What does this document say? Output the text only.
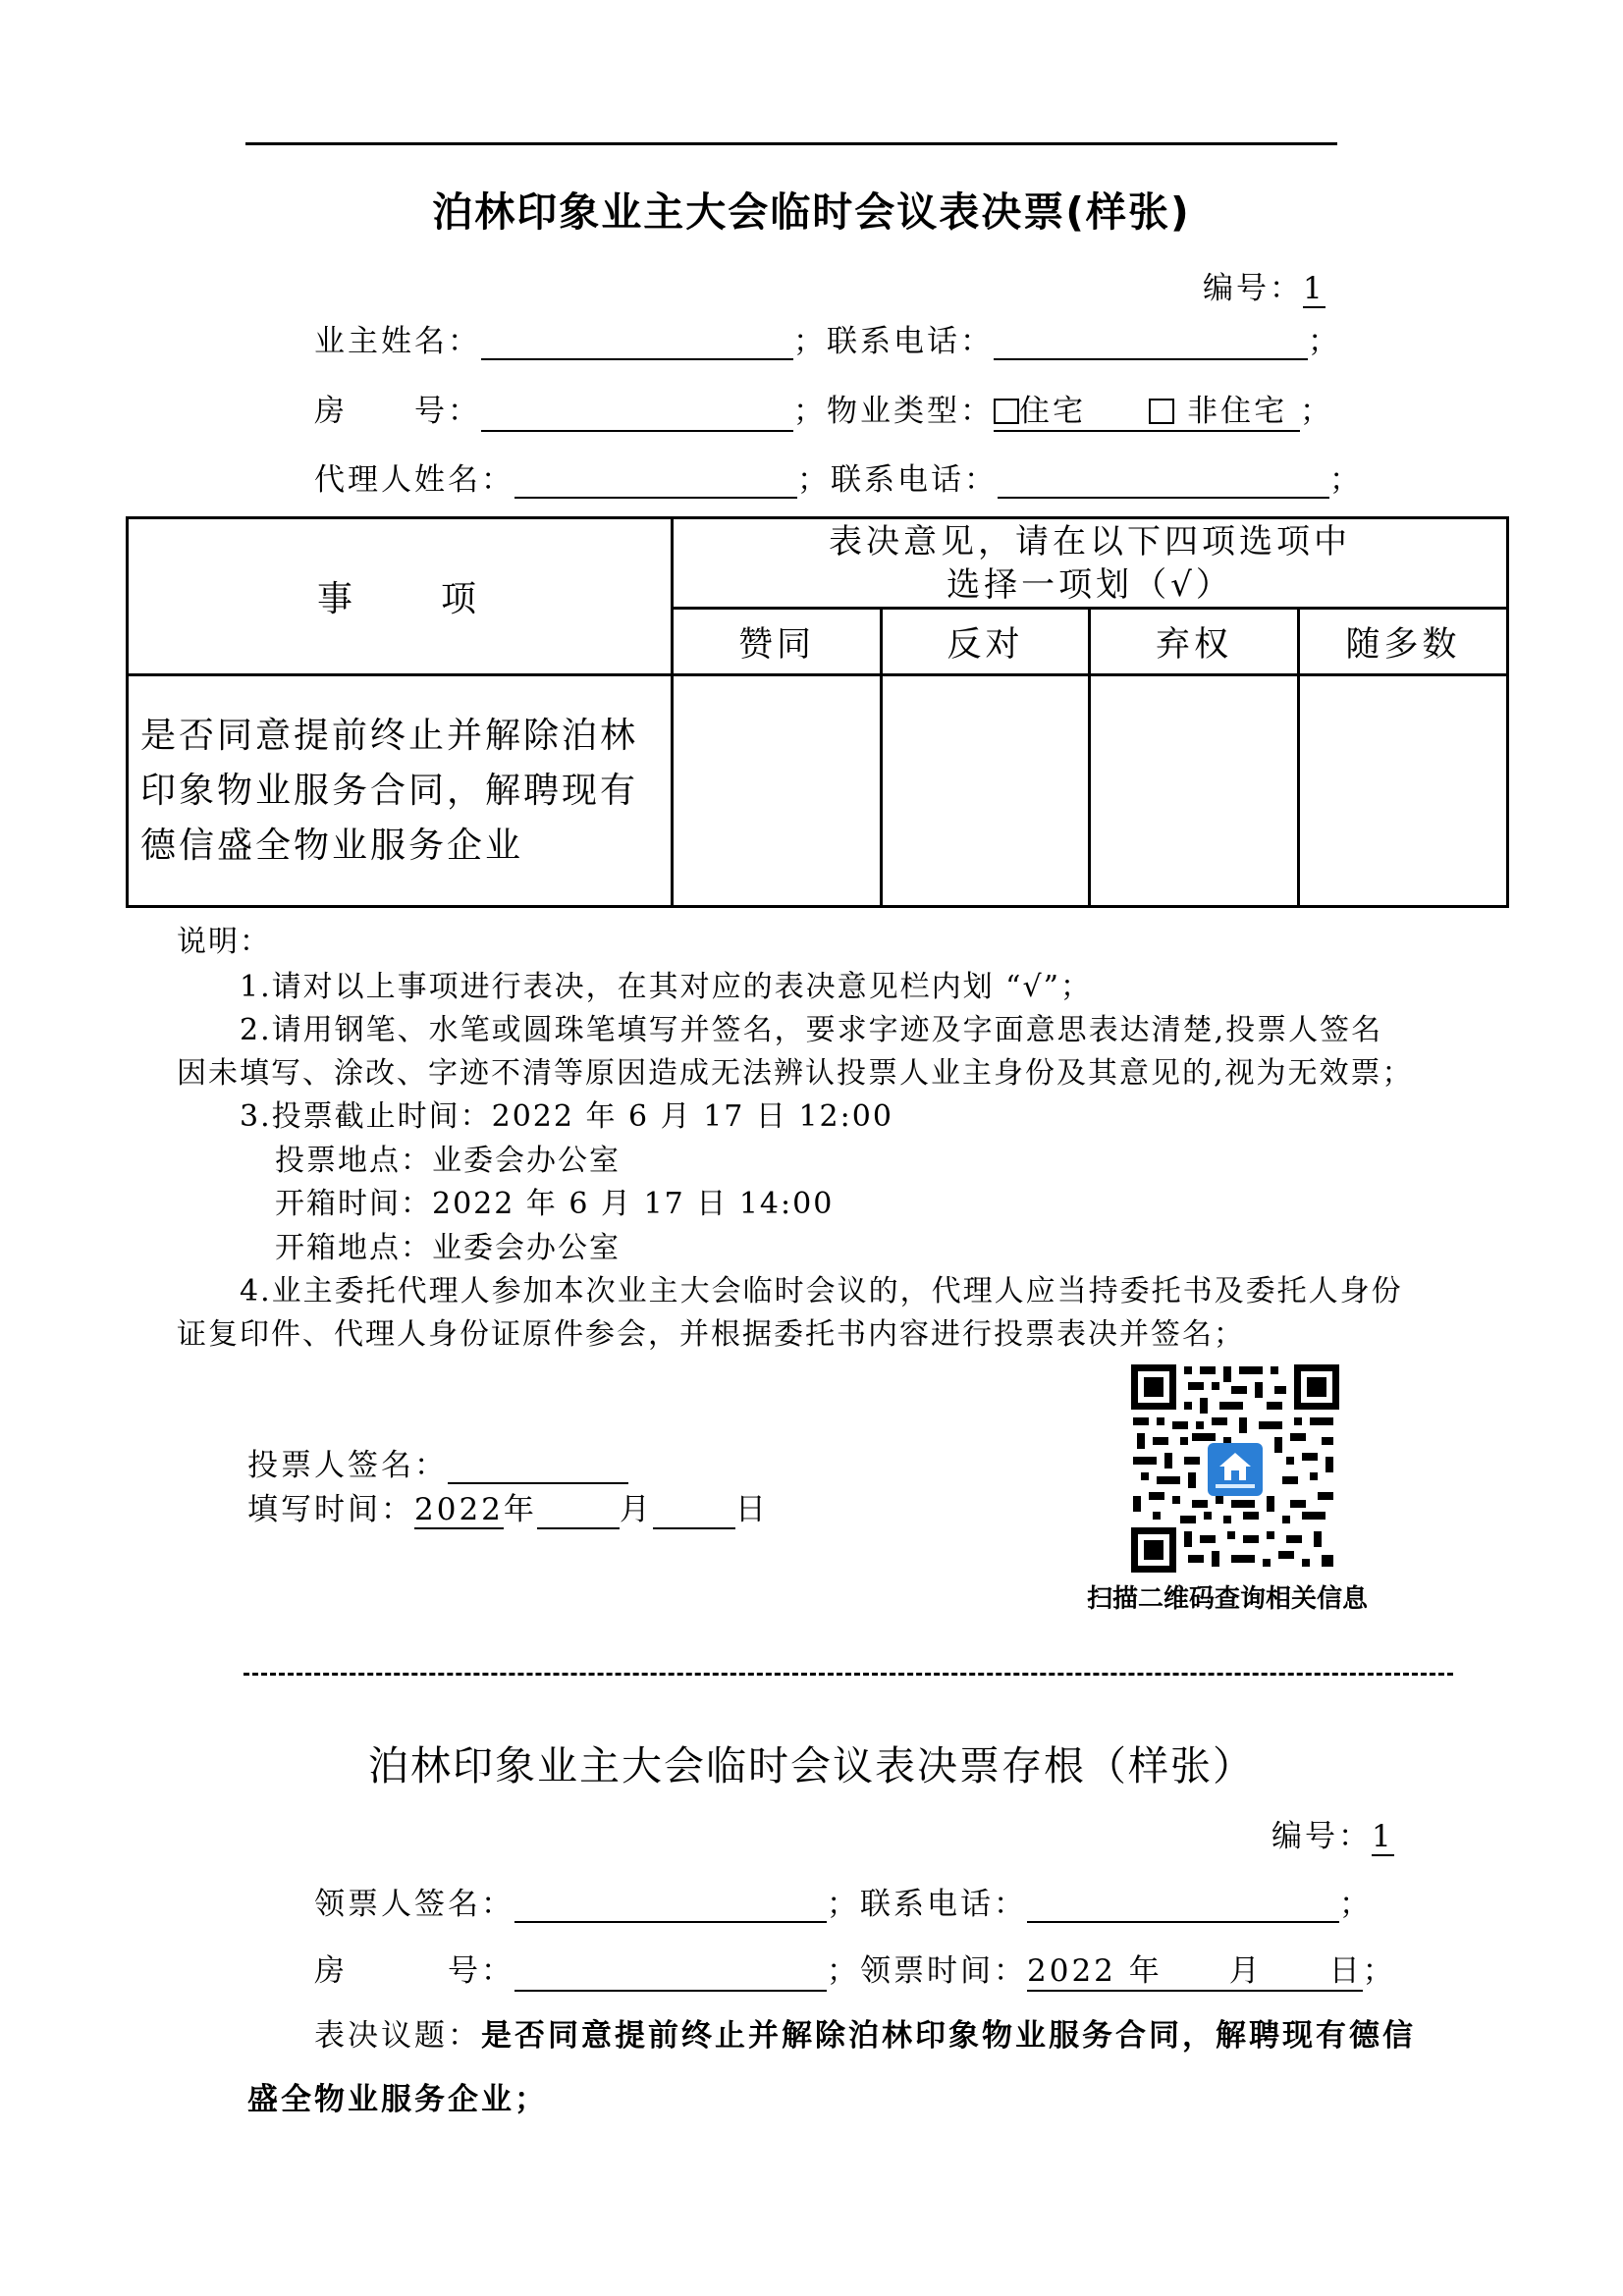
泊林印象业主大会临时会议表决票(样张)
编号：1
业主姓名：	；联系电话：	；
房　　号：	；物业类型： 住宅	非住宅 ；
代理人姓名：	；联系电话：	；
事　　项	表决意见，请在以下四项选项中
选择一项划（√）			

	赞同	反对	弃权	随多数
是否同意提前终止并解除泊林印象物业服务合同，解聘现有德信盛全物业服务企业				
说明：
1.请对以上事项进行表决，在其对应的表决意见栏内划 “√”；
2.请用钢笔、水笔或圆珠笔填写并签名，要求字迹及字面意思表达清楚,投票人签名
因未填写、涂改、字迹不清等原因造成无法辨认投票人业主身份及其意见的,视为无效票；
3.投票截止时间：2022 年 6 月 17 日 12:00
投票地点：业委会办公室
开箱时间：2022 年 6 月 17 日 14:00
开箱地点：业委会办公室
4.业主委托代理人参加本次业主大会临时会议的，代理人应当持委托书及委托人身份
证复印件、代理人身份证原件参会，并根据委托书内容进行投票表决并签名；
投票人签名：
填写时间：2022年	月	日
扫描二维码查询相关信息
泊林印象业主大会临时会议表决票存根（样张）
编号：1
领票人签名：	；联系电话：	；
房　　　号：	；领票时间：2022 年　　月　　日；
表决议题：是否同意提前终止并解除泊林印象物业服务合同，解聘现有德信
盛全物业服务企业；
